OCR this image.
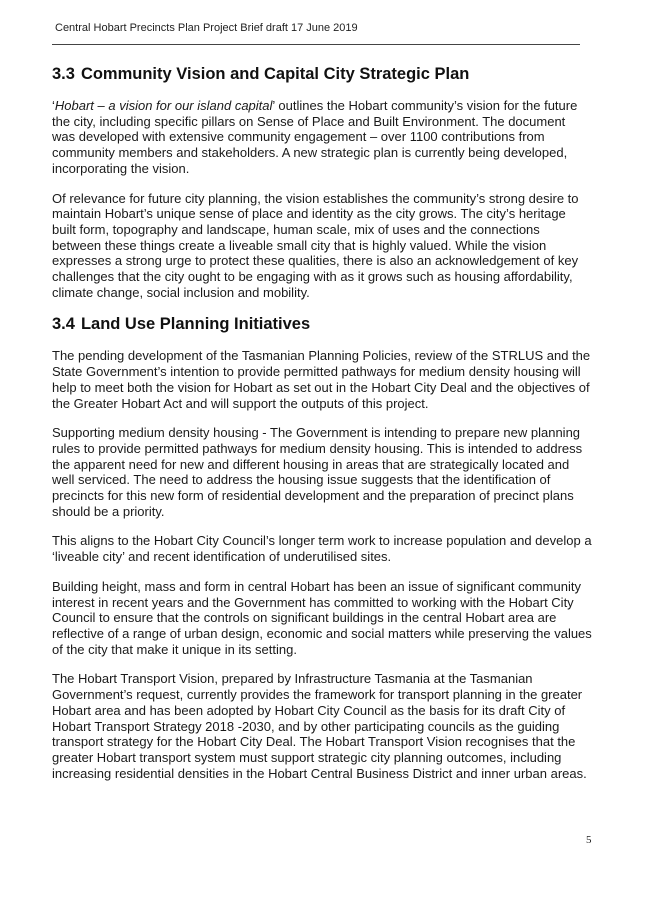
Central Hobart Precincts Plan Project Brief draft 17 June 2019
3.3 Community Vision and Capital City Strategic Plan

‘Hobart – a vision for our island capital’ outlines the Hobart community’s vision for the future the city, including specific pillars on Sense of Place and Built Environment. The document was developed with extensive community engagement – over 1100 contributions from community members and stakeholders. A new strategic plan is currently being developed, incorporating the vision.

Of relevance for future city planning, the vision establishes the community’s strong desire to maintain Hobart’s unique sense of place and identity as the city grows. The city’s heritage built form, topography and landscape, human scale, mix of uses and the connections between these things create a liveable small city that is highly valued. While the vision expresses a strong urge to protect these qualities, there is also an acknowledgement of key challenges that the city ought to be engaging with as it grows such as housing affordability, climate change, social inclusion and mobility.

3.4 Land Use Planning Initiatives

The pending development of the Tasmanian Planning Policies, review of the STRLUS and the State Government’s intention to provide permitted pathways for medium density housing will help to meet both the vision for Hobart as set out in the Hobart City Deal and the objectives of the Greater Hobart Act and will support the outputs of this project.

Supporting medium density housing - The Government is intending to prepare new planning rules to provide permitted pathways for medium density housing. This is intended to address the apparent need for new and different housing in areas that are strategically located and well serviced. The need to address the housing issue suggests that the identification of precincts for this new form of residential development and the preparation of precinct plans should be a priority.

This aligns to the Hobart City Council’s longer term work to increase population and develop a ‘liveable city’ and recent identification of underutilised sites.

Building height, mass and form in central Hobart has been an issue of significant community interest in recent years and the Government has committed to working with the Hobart City Council to ensure that the controls on significant buildings in the central Hobart area are reflective of a range of urban design, economic and social matters while preserving the values of the city that make it unique in its setting.

The Hobart Transport Vision, prepared by Infrastructure Tasmania at the Tasmanian Government’s request, currently provides the framework for transport planning in the greater Hobart area and has been adopted by Hobart City Council as the basis for its draft City of Hobart Transport Strategy 2018 -2030, and by other participating councils as the guiding transport strategy for the Hobart City Deal. The Hobart Transport Vision recognises that the greater Hobart transport system must support strategic city planning outcomes, including increasing residential densities in the Hobart Central Business District and inner urban areas.

5
